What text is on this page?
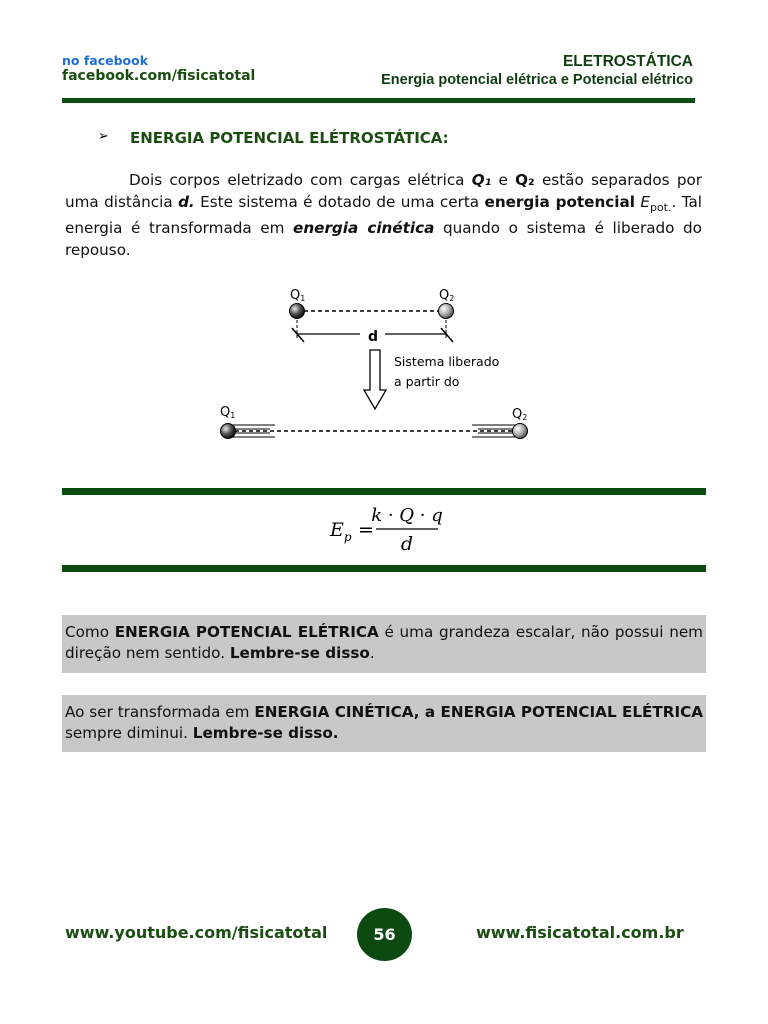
no facebook
facebook.com/fisicatotal
ELETROSTÁTICA
Energia potencial elétrica e Potencial elétrico
➢ ENERGIA POTENCIAL ELÉTROSTÁTICA:
Dois corpos eletrizado com cargas elétrica Q₁ e Q₂ estão separados por uma distância d. Este sistema é dotado de uma certa energia potencial $E_{pot.}$. Tal energia é transformada em energia cinética quando o sistema é liberado do repouso.
Q1	Q2
d
Sistema liberado
a partir do
Q1	Q2
$E_p$ =
k · Q · q
d
Como ENERGIA POTENCIAL ELÉTRICA é uma grandeza escalar, não possui nem direção nem sentido. Lembre-se disso.
Ao ser transformada em ENERGIA CINÉTICA, a ENERGIA POTENCIAL ELÉTRICA sempre diminui. Lembre-se disso.
www.youtube.com/fisicatotal	56	www.fisicatotal.com.br
